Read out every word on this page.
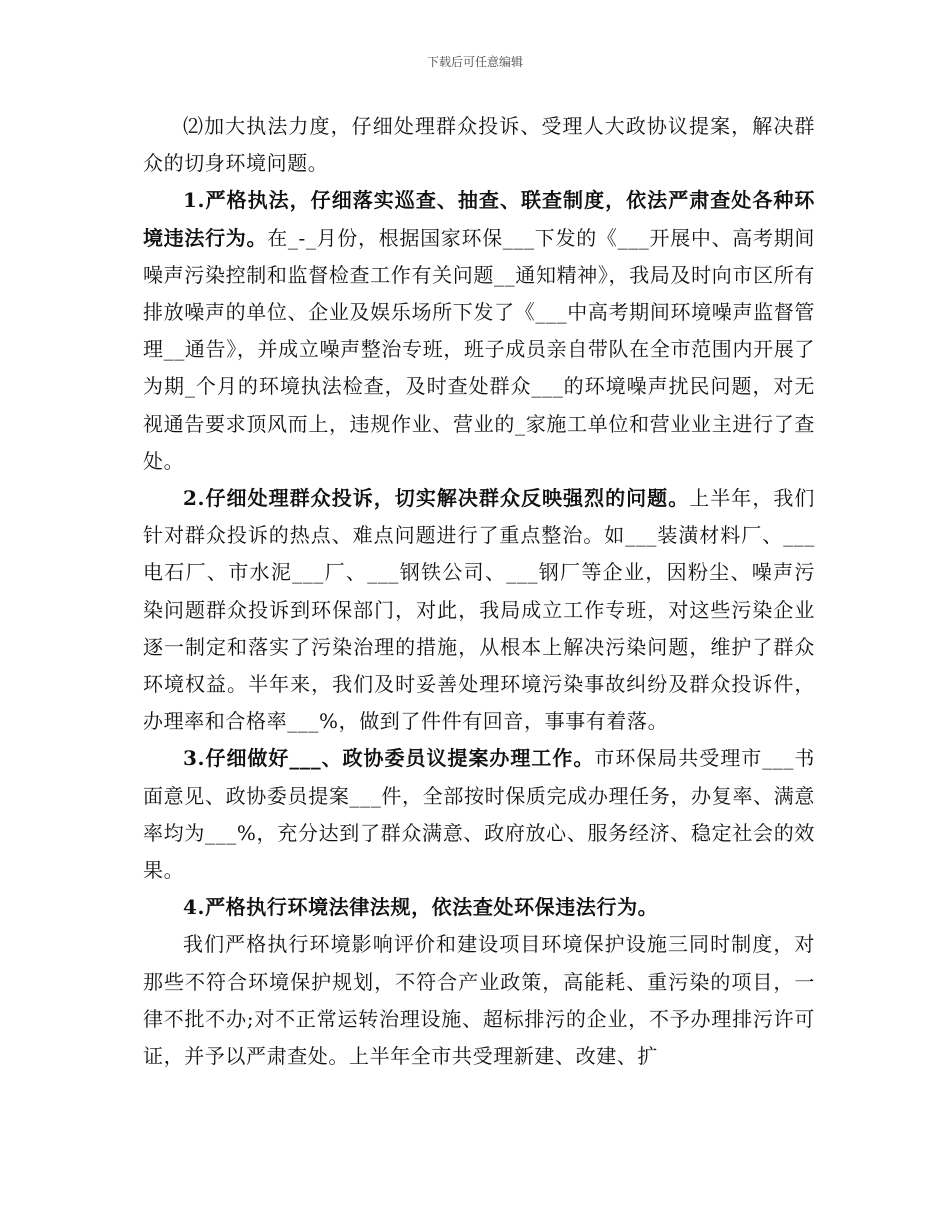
下载后可任意编辑

⑵加大执法力度，仔细处理群众投诉、受理人大政协议提案，解决群众的切身环境问题。

1.严格执法，仔细落实巡查、抽查、联查制度，依法严肃查处各种环境违法行为。在_-_月份，根据国家环保___下发的《___开展中、高考期间噪声污染控制和监督检查工作有关问题__通知精神》，我局及时向市区所有排放噪声的单位、企业及娱乐场所下发了《___中高考期间环境噪声监督管理__通告》，并成立噪声整治专班，班子成员亲自带队在全市范围内开展了为期_个月的环境执法检查，及时查处群众___的环境噪声扰民问题，对无视通告要求顶风而上，违规作业、营业的_家施工单位和营业业主进行了查处。

2.仔细处理群众投诉，切实解决群众反映强烈的问题。上半年，我们针对群众投诉的热点、难点问题进行了重点整治。如___装潢材料厂、___电石厂、市水泥___厂、___钢铁公司、___钢厂等企业，因粉尘、噪声污染问题群众投诉到环保部门，对此，我局成立工作专班，对这些污染企业逐一制定和落实了污染治理的措施，从根本上解决污染问题，维护了群众环境权益。半年来，我们及时妥善处理环境污染事故纠纷及群众投诉件，办理率和合格率___%，做到了件件有回音，事事有着落。

3.仔细做好___、政协委员议提案办理工作。市环保局共受理市___书面意见、政协委员提案___件，全部按时保质完成办理任务，办复率、满意率均为___%，充分达到了群众满意、政府放心、服务经济、稳定社会的效果。

4.严格执行环境法律法规，依法查处环保违法行为。

我们严格执行环境影响评价和建设项目环境保护设施三同时制度，对那些不符合环境保护规划，不符合产业政策，高能耗、重污染的项目，一律不批不办;对不正常运转治理设施、超标排污的企业，不予办理排污许可证，并予以严肃查处。上半年全市共受理新建、改建、扩
